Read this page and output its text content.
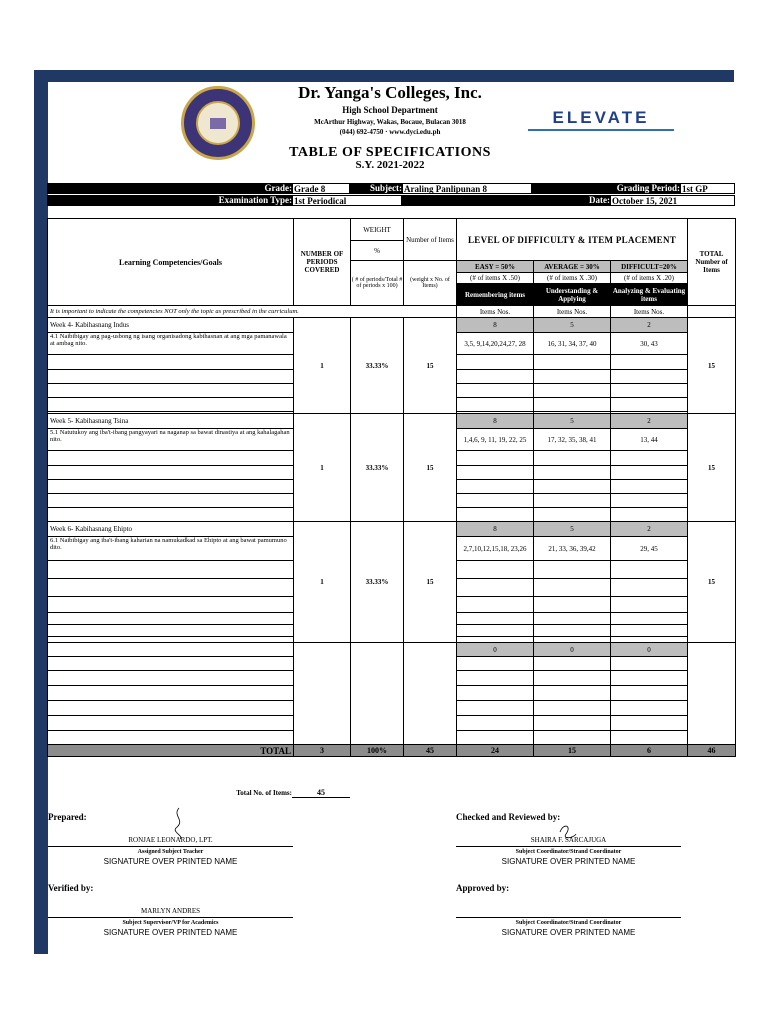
Dr. Yanga's Colleges, Inc.
High School Department
McArthur Highway, Wakas, Bocaue, Bulacan 3018
(044) 692-4750 · www.dyci.edu.ph
ELEVATE
TABLE OF SPECIFICATIONS
S.Y. 2021-2022
Grade: Grade 8	Subject: Araling Panlipunan 8	Grading Period: 1st GP
Examination Type: 1st Periodical	Date: October 15, 2021
Learning Competencies/Goals	NUMBER OF PERIODS COVERED	WEIGHT	Number of Items	LEVEL OF DIFFICULTY & ITEM PLACEMENT			TOTAL Number of Items
		%					
		( # of periods/Total # of periods x 100)	(weight x No. of Items)	EASY = 50%	AVERAGE = 30%	DIFFICULT=20%	
				(# of items X .50)	(# of items X .30)	(# of items X .20)	
				Remembering items	Understanding & Applying	Analyzing & Evaluating items	
It is important to indicate the competencies NOT only the topic as prescribed in the curriculum.				Items Nos.	Items Nos.	Items Nos.	
Week 4- Kabihasnang Indus	1	33.33%	15	8	5	2	15
4.1 Naibibigay ang pag-usbong ng isang organisadong kabihasnan at ang mga pamanawala at ambag nito.				3,5, 9,14,20,24,27, 28	16, 31, 34, 37, 40	30, 43	

Week 5- Kabihasnang Tsina	1	33.33%	15	8	5	2	15
5.1 Natutukoy ang iba't-ibang pangyayari na naganap sa bawat dinastiya at ang kahalagahan nito.				1,4,6, 9, 11, 19, 22, 25	17, 32, 35, 38, 41	13, 44	

Week 6- Kabihasnang Ehipto	1	33.33%	15	8	5	2	15
6.1 Naibibigay ang iba't-ibang kaharian na namukadkad sa Ehipto at ang bawat pamumuno dito.				2,7,10,12,15,18, 23,26	21, 33, 36, 39,42	29, 45	

				0	0	0	

TOTAL	3	100%	45	24	15	6	46
Total No. of Items:	45
Prepared:
RONJAE LEONARDO, LPT.
Assigned Subject Teacher
SIGNATURE OVER PRINTED NAME
Checked and Reviewed by:
SHAIRA F. SARCAJUGA
Subject Coordinator/Strand Coordinator
SIGNATURE OVER PRINTED NAME
Verified by:
MARLYN ANDRES
Subject Supervisor/VP for Academics
SIGNATURE OVER PRINTED NAME
Approved by:
Subject Coordinator/Strand Coordinator
SIGNATURE OVER PRINTED NAME
